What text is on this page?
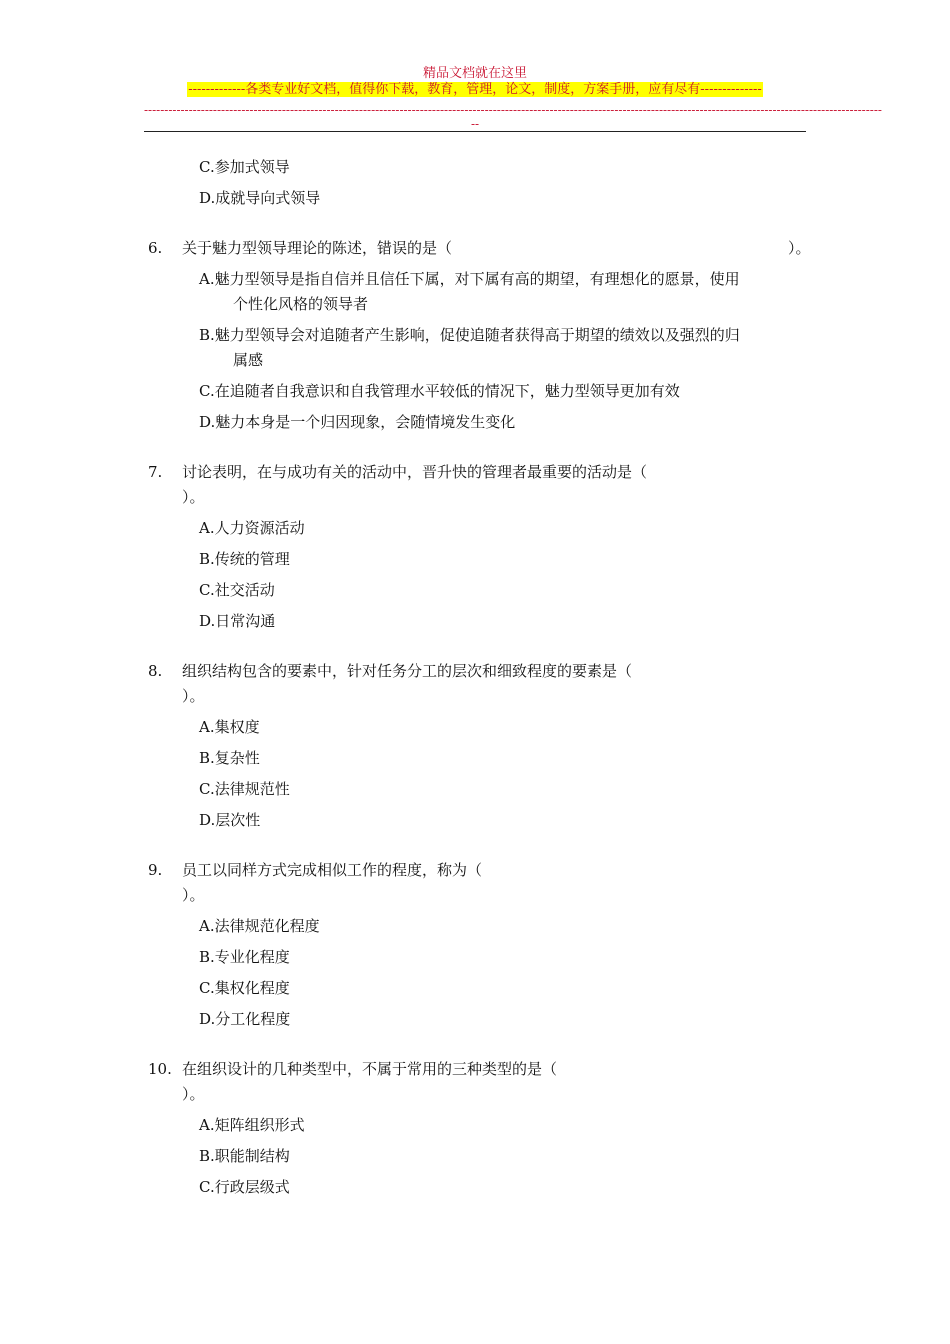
精品文档就在这里
-------------各类专业好文档，值得你下载，教育，管理，论文，制度，方案手册，应有尽有--------------
--------------------------------------------------------------------------------------------------------------------------------------------------------------------------------------
--
C.参加式领导
D.成就导向式领导
6. 关于魅力型领导理论的陈述，错误的是（	）。
A.魅力型领导是指自信并且信任下属，对下属有高的期望，有理想化的愿景，使用
个性化风格的领导者
B.魅力型领导会对追随者产生影响，促使追随者获得高于期望的绩效以及强烈的归
属感
C.在追随者自我意识和自我管理水平较低的情况下，魅力型领导更加有效
D.魅力本身是一个归因现象，会随情境发生变化
7. 讨论表明，在与成功有关的活动中，晋升快的管理者最重要的活动是（
）。
A.人力资源活动
B.传统的管理
C.社交活动
D.日常沟通
8. 组织结构包含的要素中，针对任务分工的层次和细致程度的要素是（
）。
A.集权度
B.复杂性
C.法律规范性
D.层次性
9. 员工以同样方式完成相似工作的程度，称为（
）。
A.法律规范化程度
B.专业化程度
C.集权化程度
D.分工化程度
10. 在组织设计的几种类型中，不属于常用的三种类型的是（
）。
A.矩阵组织形式
B.职能制结构
C.行政层级式
